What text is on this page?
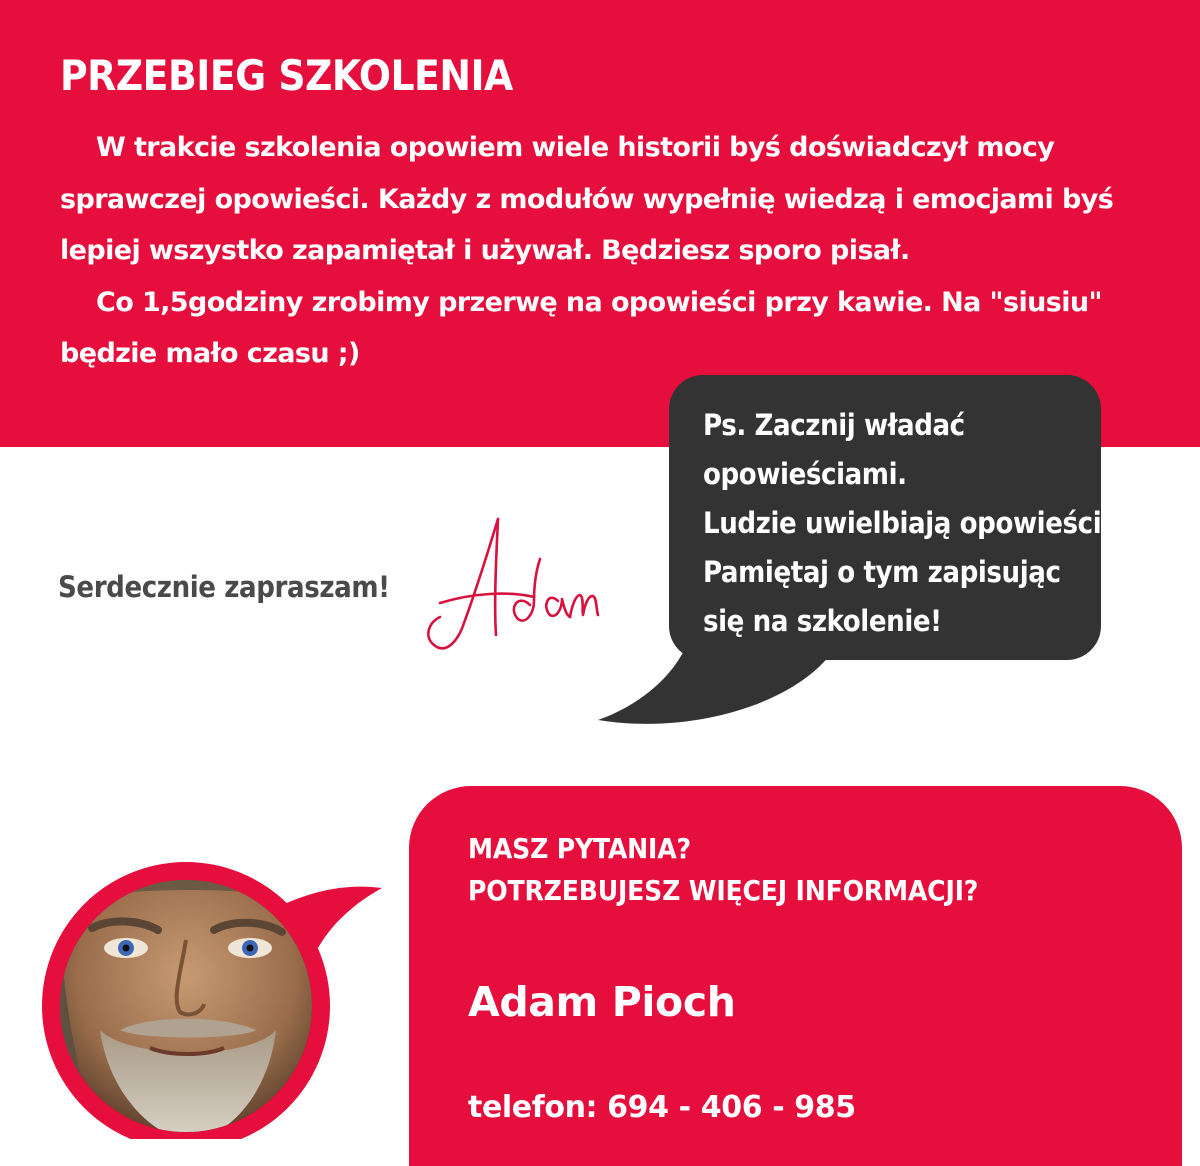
PRZEBIEG SZKOLENIA

W trakcie szkolenia opowiem wiele historii byś doświadczył mocy sprawczej opowieści. Każdy z modułów wypełnię wiedzą i emocjami byś lepiej wszystko zapamiętał i używał. Będziesz sporo pisał.

Co 1,5godziny zrobimy przerwę na opowieści przy kawie. Na "siusiu" będzie mało czasu ;)

Ps. Zacznij władać
opowieściami.
Ludzie uwielbiają opowieści.
Pamiętaj o tym zapisując
się na szkolenie!
Serdecznie zapraszam!
MASZ PYTANIA?
POTRZEBUJESZ WIĘCEJ INFORMACJI?
Adam Pioch
telefon: 694 - 406 - 985
